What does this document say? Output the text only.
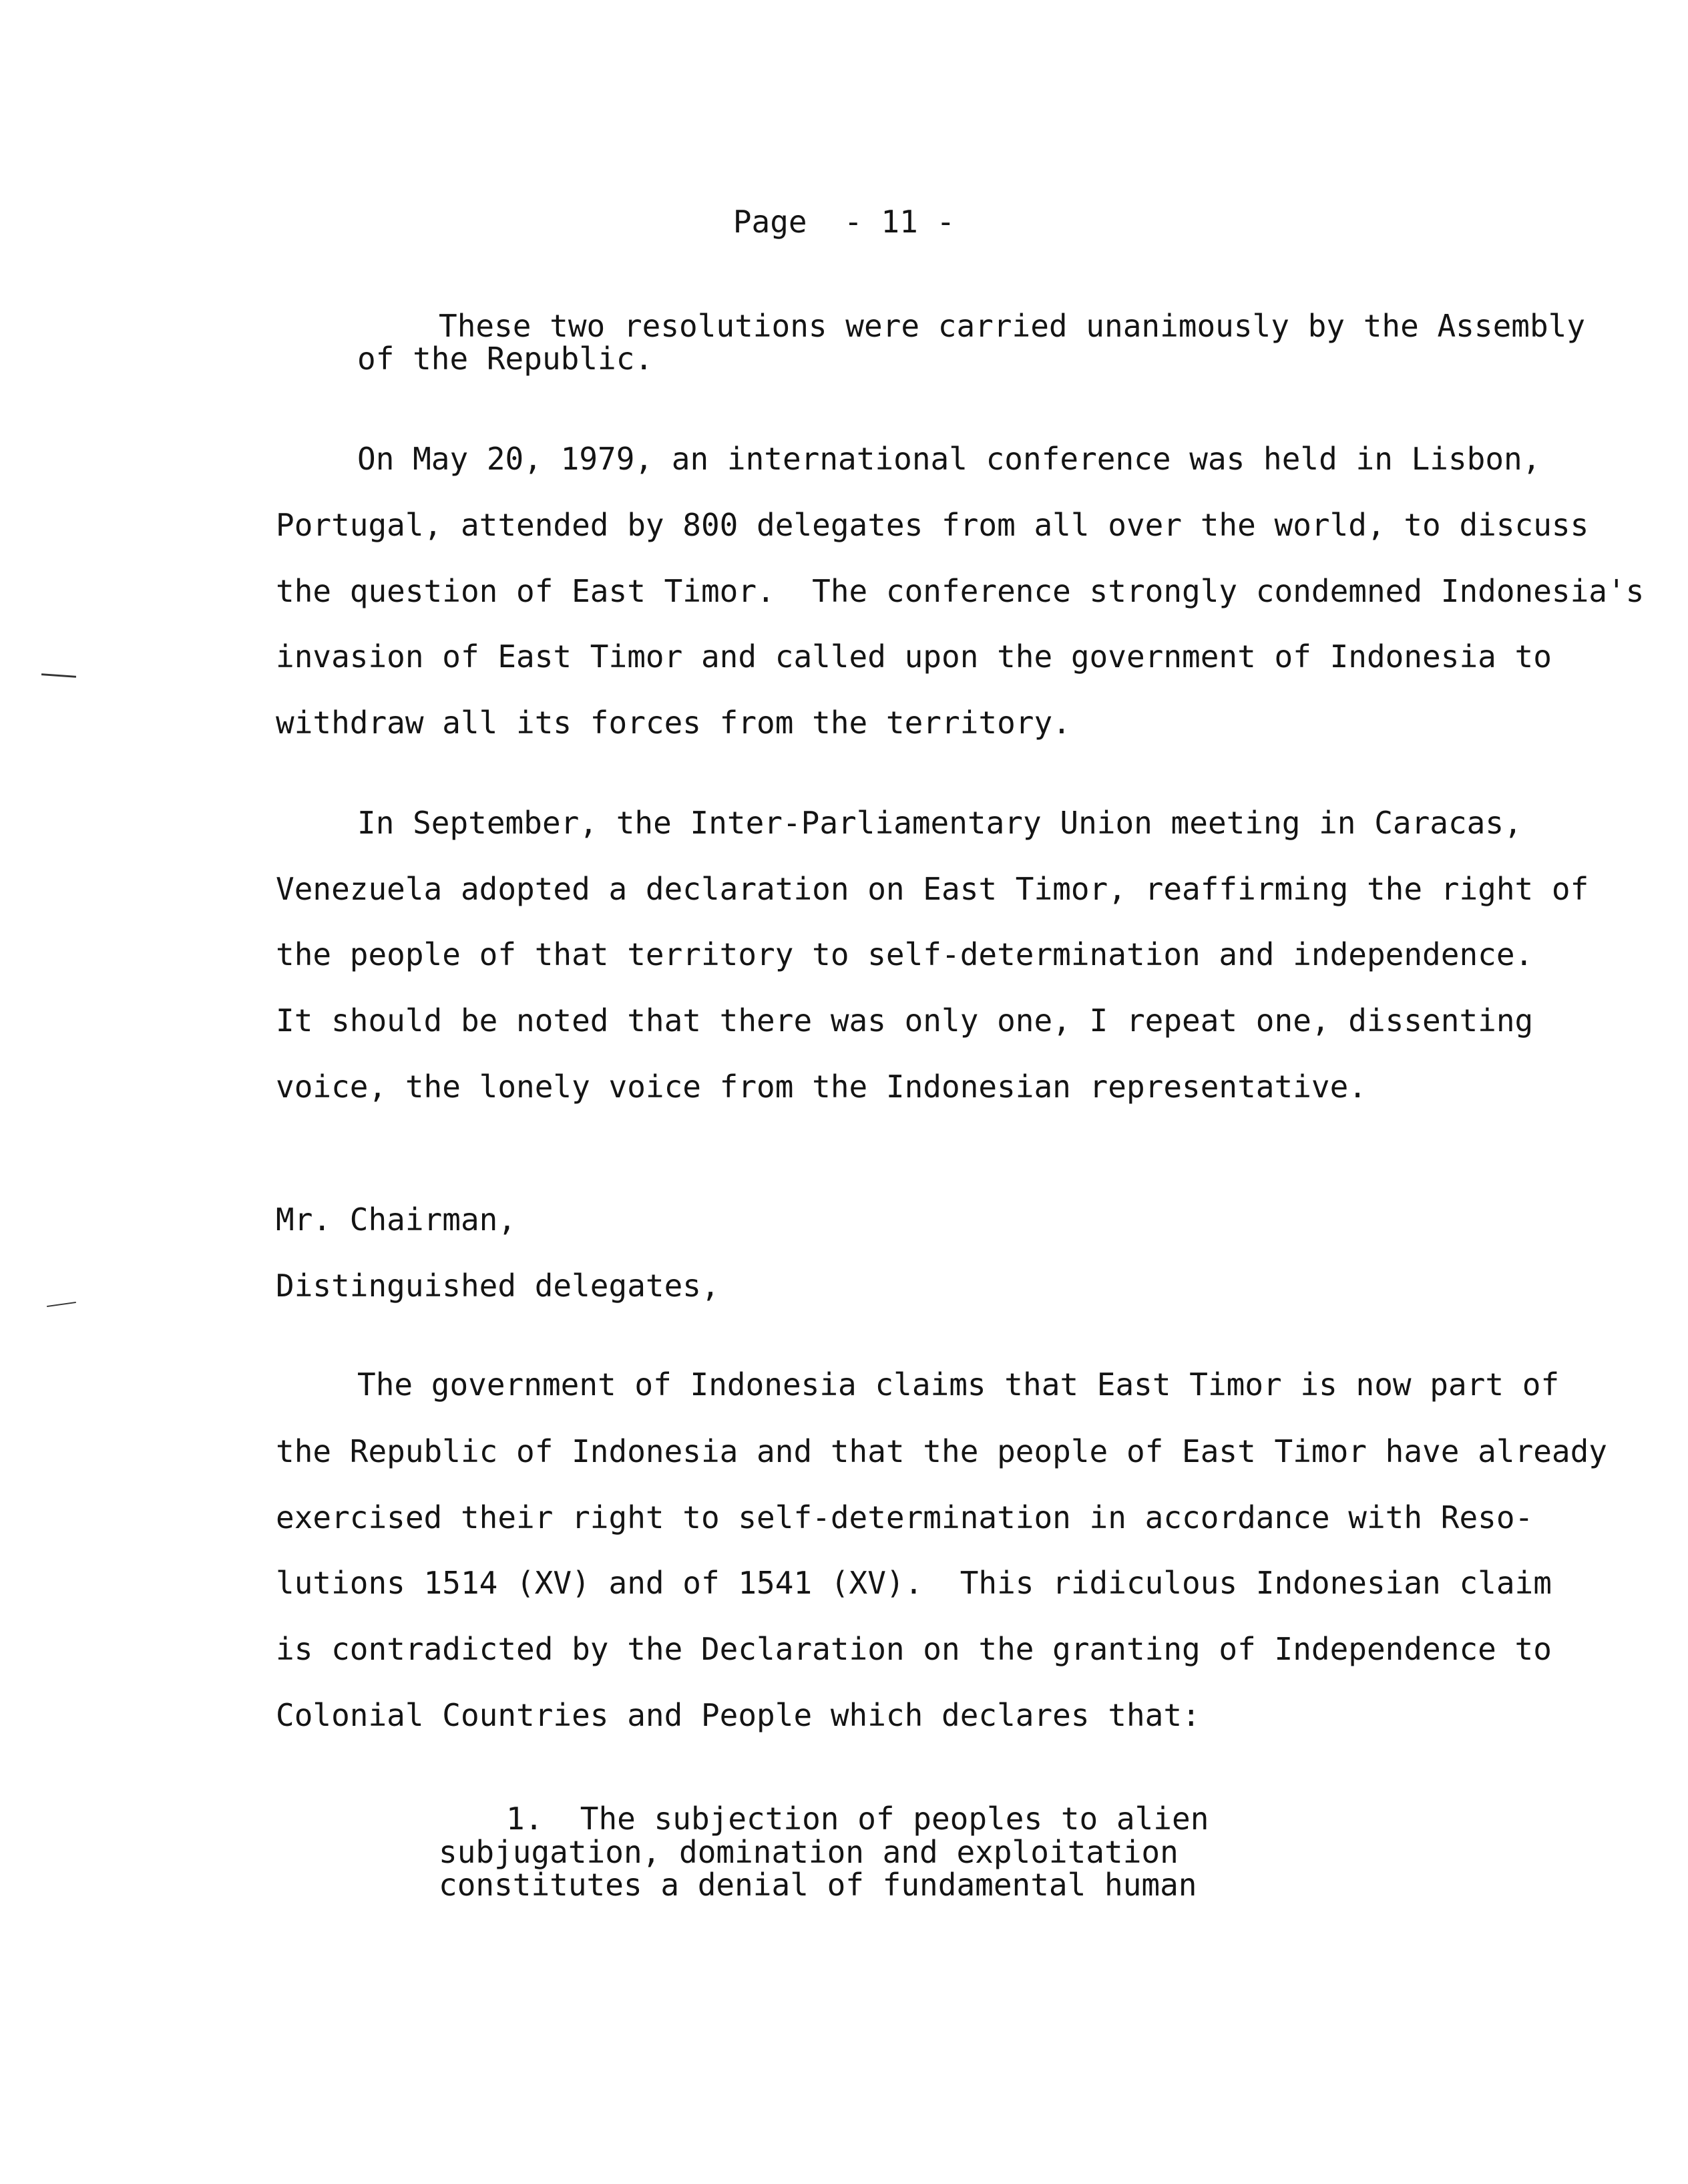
Page  - 11 -
These two resolutions were carried unanimously by the Assembly
of the Republic.
On May 20, 1979, an international conference was held in Lisbon,
Portugal, attended by 800 delegates from all over the world, to discuss
the question of East Timor.  The conference strongly condemned Indonesia's
invasion of East Timor and called upon the government of Indonesia to
withdraw all its forces from the territory.
In September, the Inter-Parliamentary Union meeting in Caracas,
Venezuela adopted a declaration on East Timor, reaffirming the right of
the people of that territory to self-determination and independence.
It should be noted that there was only one, I repeat one, dissenting
voice, the lonely voice from the Indonesian representative.
Mr. Chairman,
Distinguished delegates,
The government of Indonesia claims that East Timor is now part of
the Republic of Indonesia and that the people of East Timor have already
exercised their right to self-determination in accordance with Reso-
lutions 1514 (XV) and of 1541 (XV).  This ridiculous Indonesian claim
is contradicted by the Declaration on the granting of Independence to
Colonial Countries and People which declares that:
1.  The subjection of peoples to alien
subjugation, domination and exploitation
constitutes a denial of fundamental human
